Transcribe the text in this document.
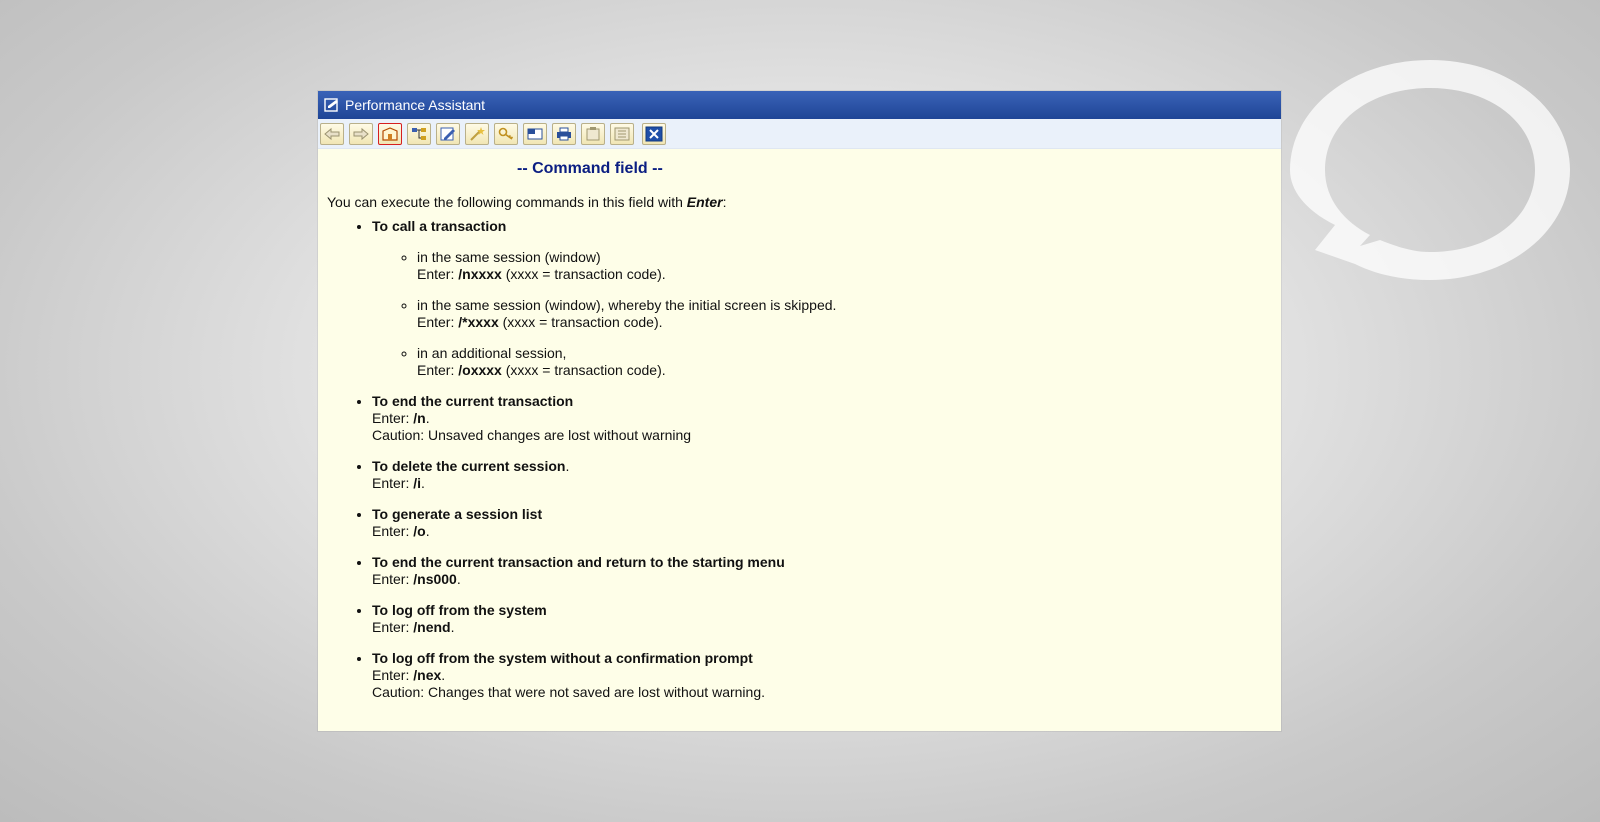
Performance Assistant
-- Command field --
You can execute the following commands in this field with Enter:
• To call a transaction
◦ in the same session (window)
Enter: /nxxxx (xxxx = transaction code).
◦ in the same session (window), whereby the initial screen is skipped.
Enter: /*xxxx (xxxx = transaction code).
◦ in an additional session,
Enter: /oxxxx (xxxx = transaction code).
• To end the current transaction
Enter: /n.
Caution: Unsaved changes are lost without warning
• To delete the current session.
Enter: /i.
• To generate a session list
Enter: /o.
• To end the current transaction and return to the starting menu
Enter: /ns000.
• To log off from the system
Enter: /nend.
• To log off from the system without a confirmation prompt
Enter: /nex.
Caution: Changes that were not saved are lost without warning.
